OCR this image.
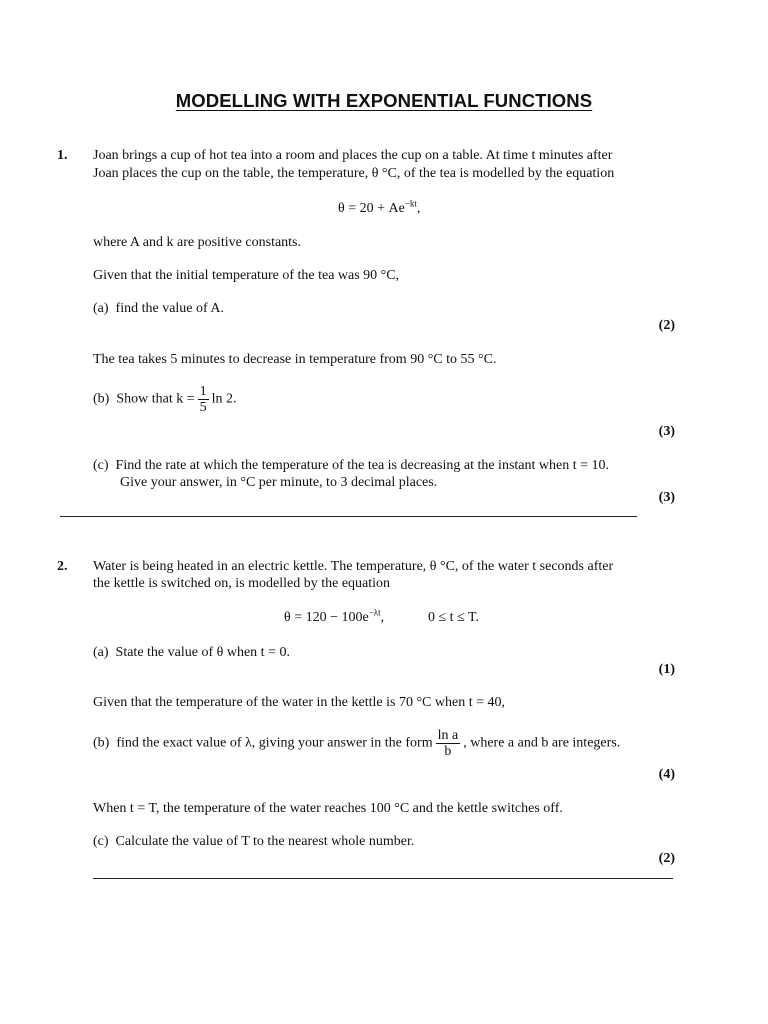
MODELLING WITH EXPONENTIAL FUNCTIONS
1. Joan brings a cup of hot tea into a room and places the cup on a table. At time t minutes after
Joan places the cup on the table, the temperature, θ °C, of the tea is modelled by the equation
$\theta = 20 + Ae^{-kt}$,
where A and k are positive constants.
Given that the initial temperature of the tea was 90 °C,
(a) find the value of A.
(2)
The tea takes 5 minutes to decrease in temperature from 90 °C to 55 °C.
(b) Show that $k = \frac{1}{5}$ ln 2.
(3)
(c) Find the rate at which the temperature of the tea is decreasing at the instant when t = 10.
Give your answer, in °C per minute, to 3 decimal places.
(3)
2. Water is being heated in an electric kettle. The temperature, θ °C, of the water t seconds after
the kettle is switched on, is modelled by the equation
$\theta = 120 - 100e^{-\lambda t}$,	0 ≤ t ≤ T.
(a) State the value of θ when t = 0.
(1)
Given that the temperature of the water in the kettle is 70 °C when t = 40,
(b) find the exact value of λ, giving your answer in the form $\frac{\text{ln a}}{b}$ , where a and b are integers.
(4)
When t = T, the temperature of the water reaches 100 °C and the kettle switches off.
(c) Calculate the value of T to the nearest whole number.
(2)
